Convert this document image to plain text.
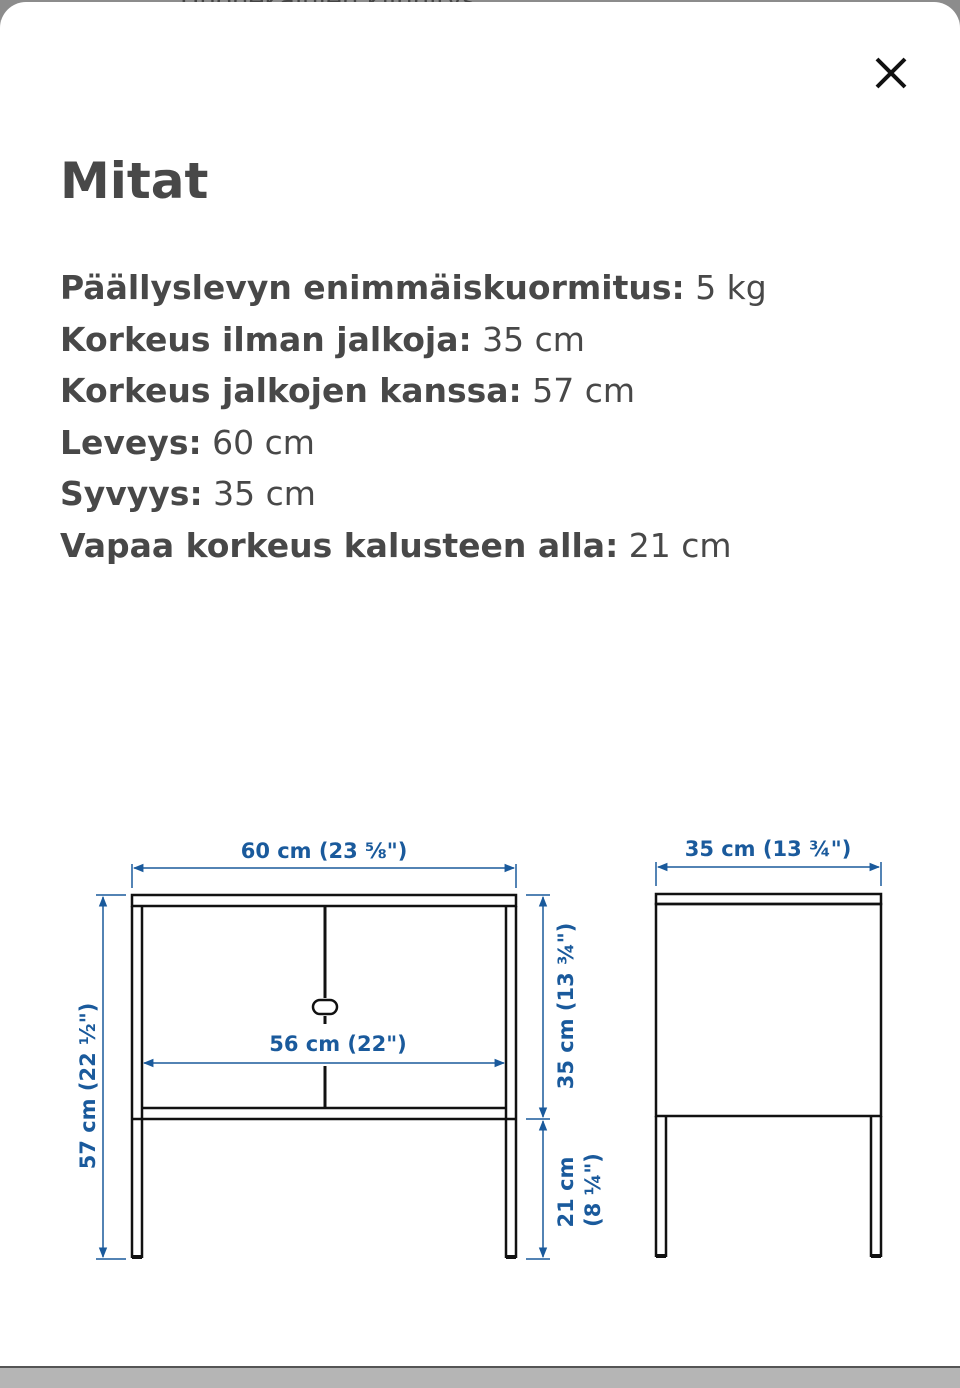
Mitat
Päällyslevyn enimmäiskuormitus: 5 kg
Korkeus ilman jalkoja: 35 cm
Korkeus jalkojen kanssa: 57 cm
Leveys: 60 cm
Syvyys: 35 cm
Vapaa korkeus kalusteen alla: 21 cm
60 cm (23 ⅝")
56 cm (22")
57 cm (22 ½")	35 cm (13 ¾")
21 cm (8 ¼")
35 cm (13 ¾")
